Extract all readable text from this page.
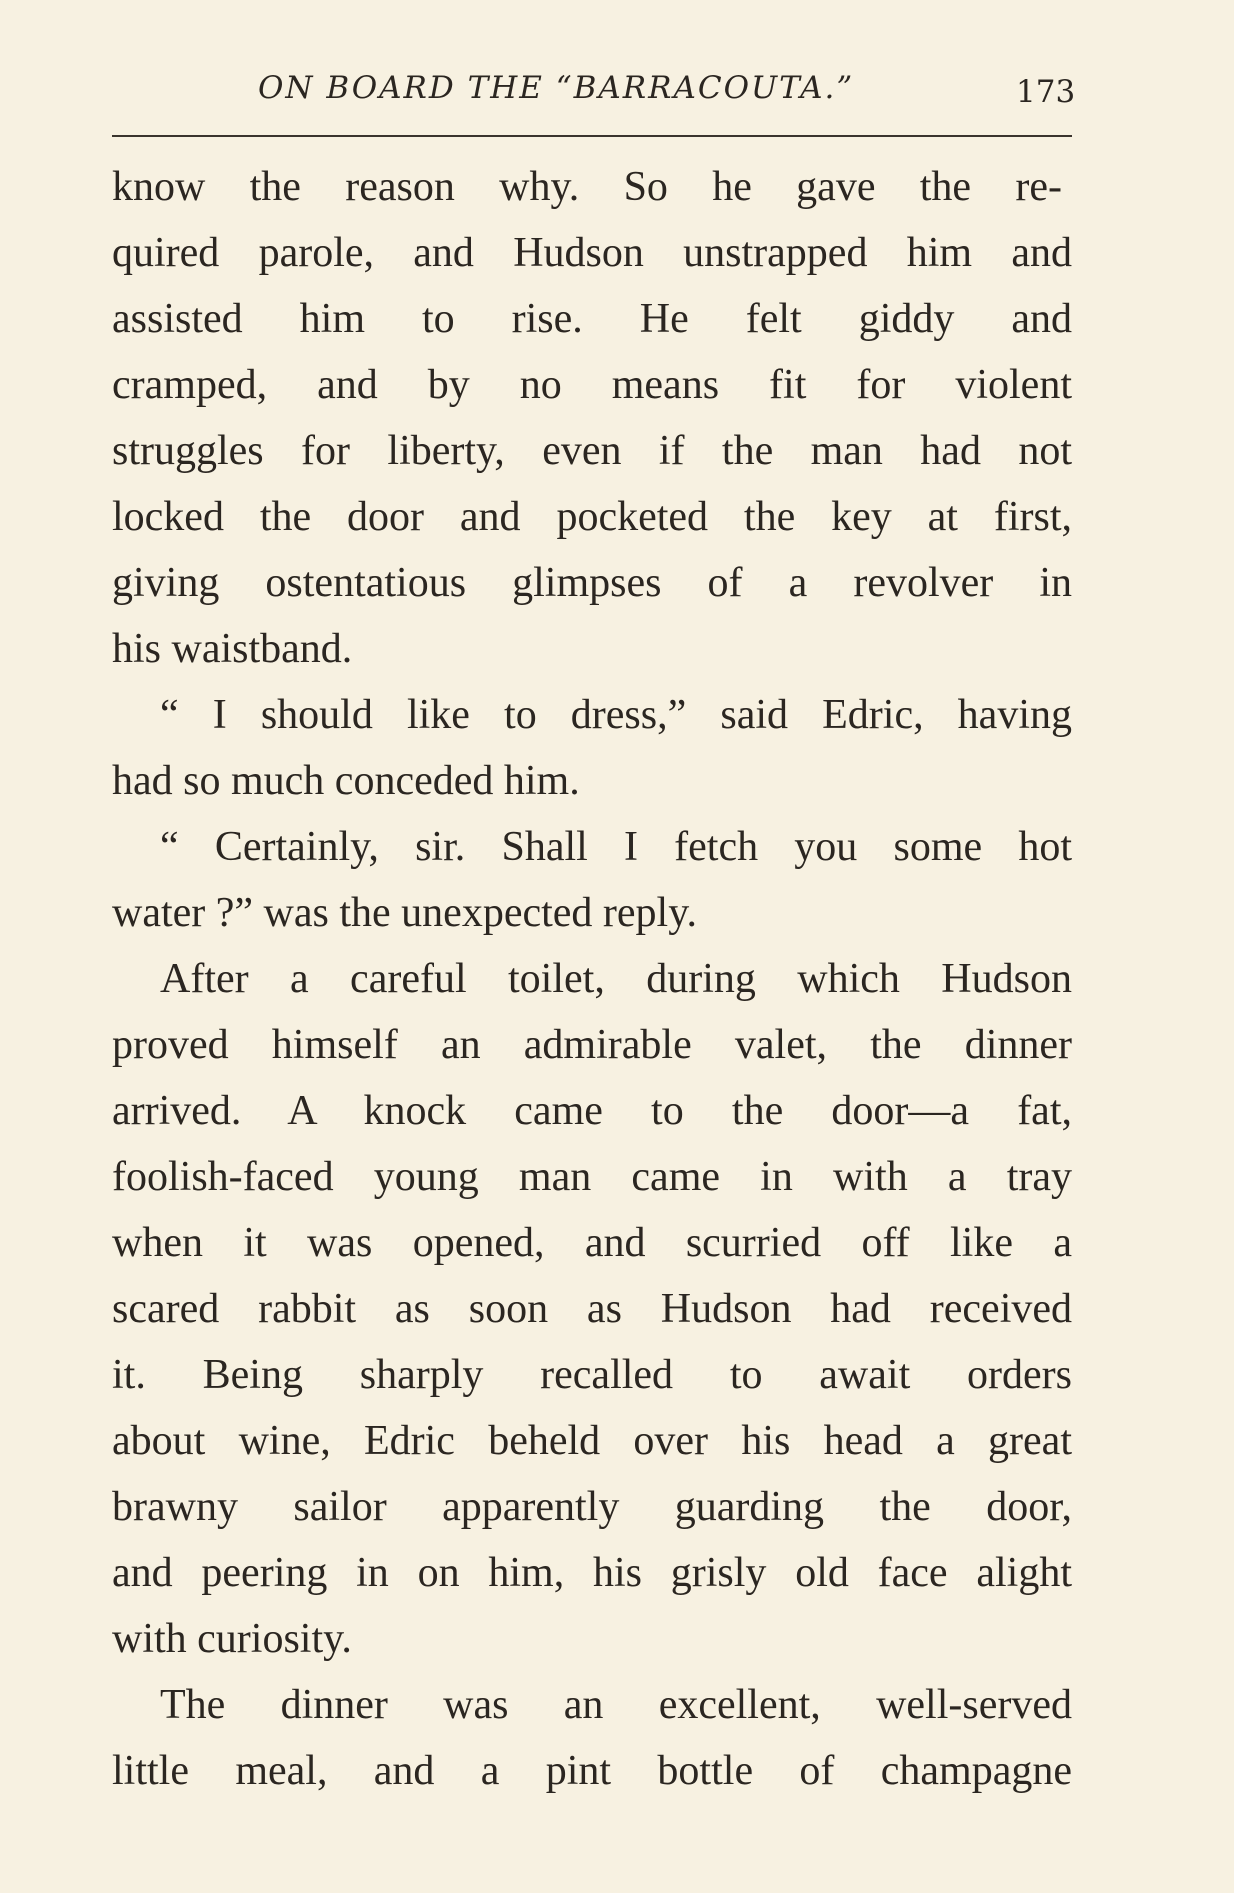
ON BOARD THE “BARRACOUTA.”	173
know the reason why. So he gave the re-
quired parole, and Hudson unstrapped him and
assisted him to rise. He felt giddy and
cramped, and by no means fit for violent
struggles for liberty, even if the man had not
locked the door and pocketed the key at first,
giving ostentatious glimpses of a revolver in
his waistband.
“ I should like to dress,” said Edric, having
had so much conceded him.
“ Certainly, sir. Shall I fetch you some hot
water ?” was the unexpected reply.
After a careful toilet, during which Hudson
proved himself an admirable valet, the dinner
arrived. A knock came to the door—a fat,
foolish-faced young man came in with a tray
when it was opened, and scurried off like a
scared rabbit as soon as Hudson had received
it. Being sharply recalled to await orders
about wine, Edric beheld over his head a great
brawny sailor apparently guarding the door,
and peering in on him, his grisly old face alight
with curiosity.
The dinner was an excellent, well-served
little meal, and a pint bottle of champagne
